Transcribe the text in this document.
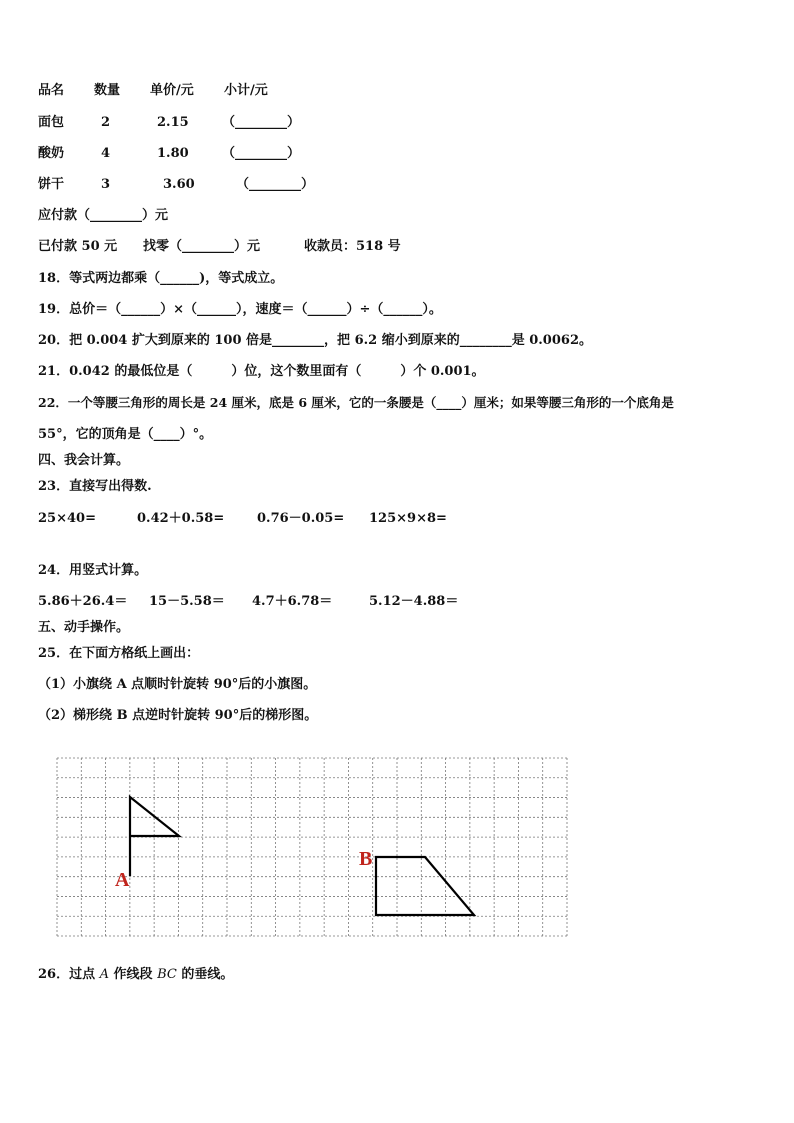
品名 数量 单价/元 小计/元
面包	2	2.15	（________）
酸奶	4	1.80	（________）
饼干	3	3.60	（________）
应付款（________）元
已付款 50 元 找零（________）元	收款员：518 号
18．等式两边都乘（______)，等式成立。
19．总价＝（______）×（______），速度＝（______）÷（______）。
20．把 0.004 扩大到原来的 100 倍是________，把 6.2 缩小到原来的________是 0.0062。
21．0.042 的最低位是（　　　）位，这个数里面有（　　　）个 0.001。
22．一个等腰三角形的周长是 24 厘米，底是 6 厘米，它的一条腰是（____）厘米；如果等腰三角形的一个底角是
55°，它的顶角是（____）°。
四、我会计算。
23．直接写出得数.
25×40=	0.42＋0.58=	0.76－0.05= 125×9×8=
24．用竖式计算。
5.86＋26.4＝ 15－5.58＝ 4.7＋6.78＝	5.12－4.88＝
五、动手操作。
25．在下面方格纸上画出：
（1）小旗绕 A 点顺时针旋转 90°后的小旗图。
（2）梯形绕 B 点逆时针旋转 90°后的梯形图。
A
B
26．过点 A 作线段 BC 的垂线。
